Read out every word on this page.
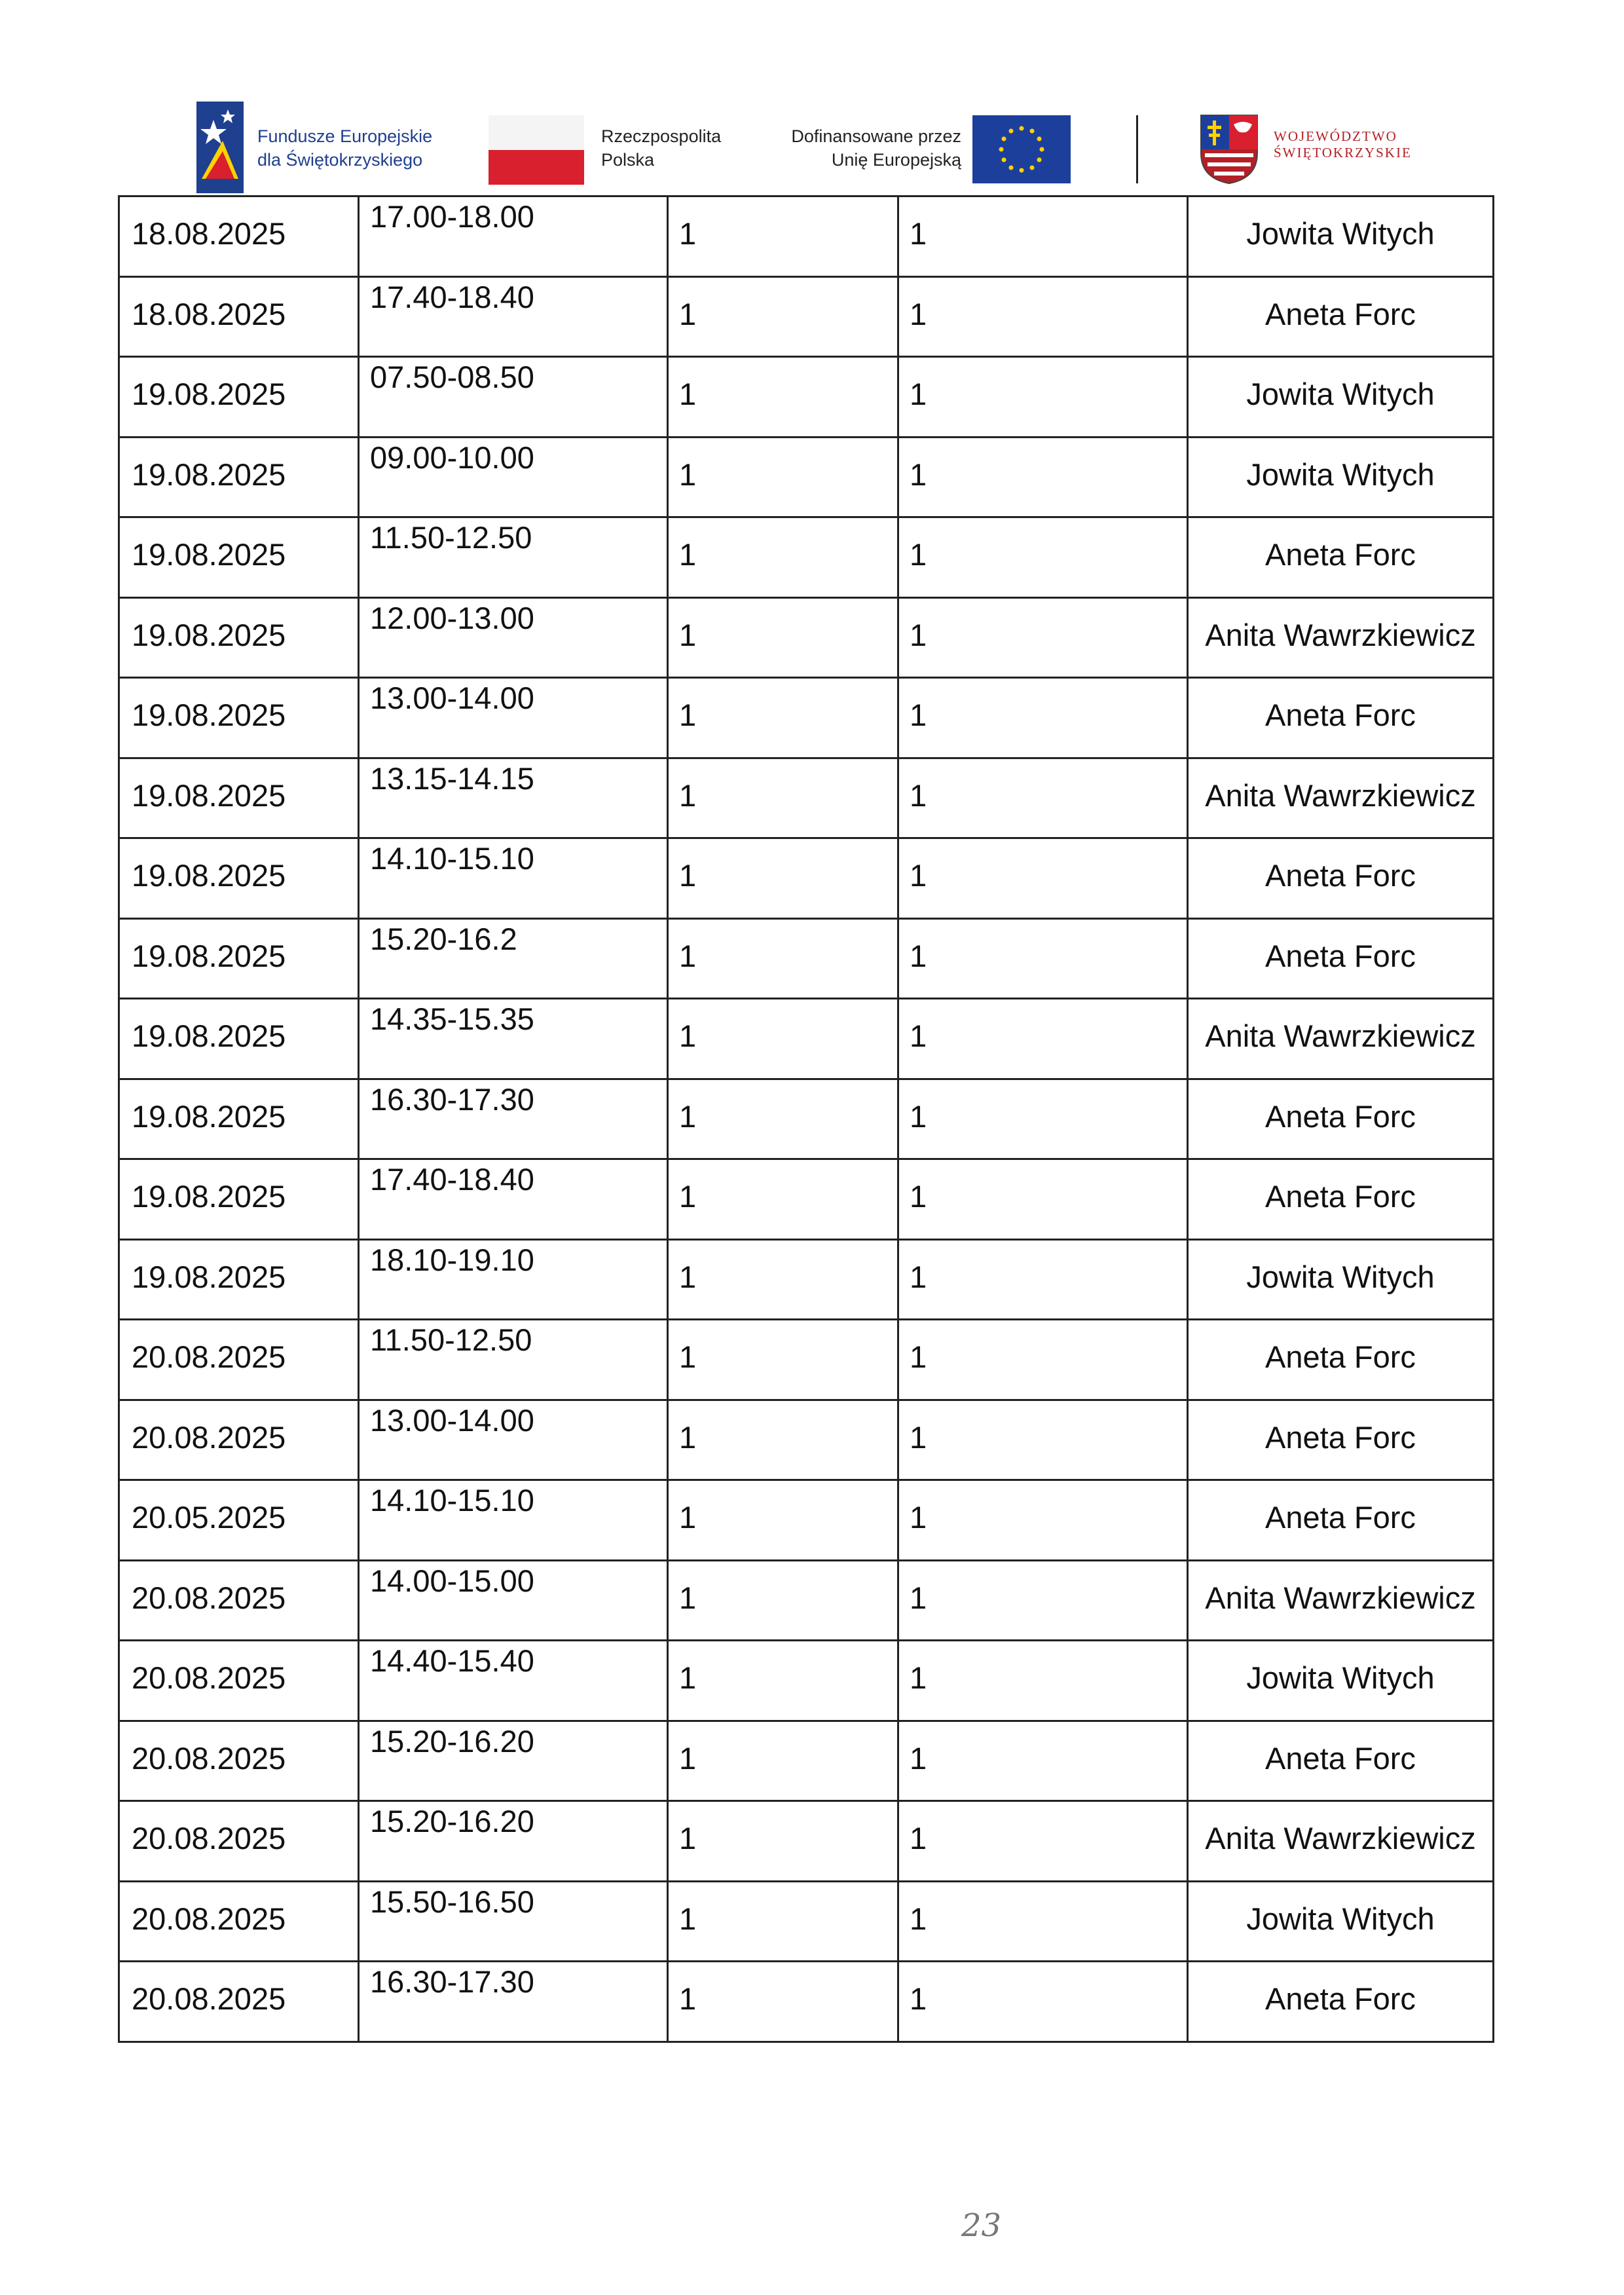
Fundusze Europejskie
dla Świętokrzyskiego
Rzeczpospolita
Polska
Dofinansowane przez
Unię Europejską
WOJEWÓDZTWO
ŚWIĘTOKRZYSKIE
18.08.2025	17.00-18.00	1	1	Jowita Witych
18.08.2025	17.40-18.40	1	1	Aneta Forc
19.08.2025	07.50-08.50	1	1	Jowita Witych
19.08.2025	09.00-10.00	1	1	Jowita Witych
19.08.2025	11.50-12.50	1	1	Aneta Forc
19.08.2025	12.00-13.00	1	1	Anita Wawrzkiewicz
19.08.2025	13.00-14.00	1	1	Aneta Forc
19.08.2025	13.15-14.15	1	1	Anita Wawrzkiewicz
19.08.2025	14.10-15.10	1	1	Aneta Forc
19.08.2025	15.20-16.2	1	1	Aneta Forc
19.08.2025	14.35-15.35	1	1	Anita Wawrzkiewicz
19.08.2025	16.30-17.30	1	1	Aneta Forc
19.08.2025	17.40-18.40	1	1	Aneta Forc
19.08.2025	18.10-19.10	1	1	Jowita Witych
20.08.2025	11.50-12.50	1	1	Aneta Forc
20.08.2025	13.00-14.00	1	1	Aneta Forc
20.05.2025	14.10-15.10	1	1	Aneta Forc
20.08.2025	14.00-15.00	1	1	Anita Wawrzkiewicz
20.08.2025	14.40-15.40	1	1	Jowita Witych
20.08.2025	15.20-16.20	1	1	Aneta Forc
20.08.2025	15.20-16.20	1	1	Anita Wawrzkiewicz
20.08.2025	15.50-16.50	1	1	Jowita Witych
20.08.2025	16.30-17.30	1	1	Aneta Forc
23
